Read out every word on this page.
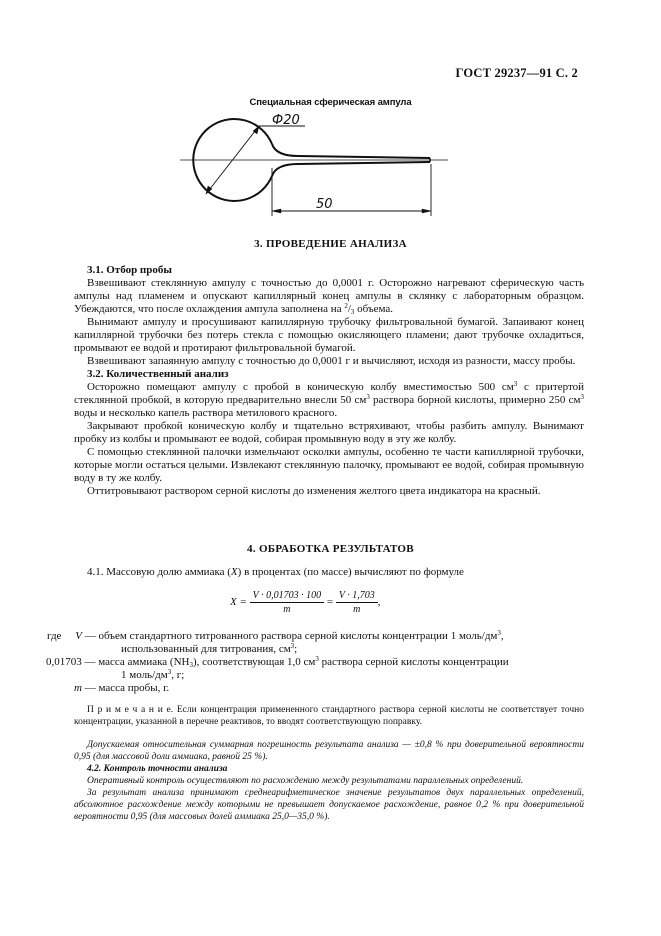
ГОСТ 29237—91 С. 2
Специальная сферическая ампула
Ф20
50
3. ПРОВЕДЕНИЕ АНАЛИЗА
3.1. Отбор пробы
Взвешивают стеклянную ампулу с точностью до 0,0001 г. Осторожно нагревают сферическую часть ампулы над пламенем и опускают капиллярный конец ампулы в склянку с лабораторным образцом. Убеждаются, что после охлаждения ампула заполнена на $^2/_3$ объема.
Вынимают ампулу и просушивают капиллярную трубочку фильтровальной бумагой. Запаивают конец капиллярной трубочки без потерь стекла с помощью окисляющего пламени; дают трубочке охладиться, промывают ее водой и протирают фильтровальной бумагой.
Взвешивают запаянную ампулу с точностью до 0,0001 г и вычисляют, исходя из разности, массу пробы.
3.2. Количественный анализ
Осторожно помещают ампулу с пробой в коническую колбу вместимостью 500 $см^3$ с притертой стеклянной пробкой, в которую предварительно внесли 50 $см^3$ раствора борной кислоты, примерно 250 $см^3$ воды и несколько капель раствора метилового красного.
Закрывают пробкой коническую колбу и тщательно встряхивают, чтобы разбить ампулу. Вынимают пробку из колбы и промывают ее водой, собирая промывную воду в эту же колбу.
С помощью стеклянной палочки измельчают осколки ампулы, особенно те части капиллярной трубочки, которые могли остаться целыми. Извлекают стеклянную палочку, промывают ее водой, собирая промывную воду в ту же колбу.
Оттитровывают раствором серной кислоты до изменения желтого цвета индикатора на красный.
4. ОБРАБОТКА РЕЗУЛЬТАТОВ
4.1. Массовую долю аммиака (X) в процентах (по массе) вычисляют по формуле
$X = \frac{V \cdot 0,01703 \cdot 100}{m} = \frac{V \cdot 1,703}{m}$ ,
где V — объем стандартного титрованного раствора серной кислоты концентрации 1 моль/$дм^3$,
использованный для титрования, $см^3$;
0,01703 — масса аммиака $(NH_3)$, соответствующая 1,0 $см^3$ раствора серной кислоты концентрации
1 моль/$дм^3$, г;
m — масса пробы, г.
П р и м е ч а н и е. Если концентрация примененного стандартного раствора серной кислоты не соответствует точно концентрации, указанной в перечне реактивов, то вводят соответствующую поправку.
Допускаемая относительная суммарная погрешность результата анализа — ±0,8 % при доверительной вероятности 0,95 (для массовой доли аммиака, равной 25 %).
4.2. Контроль точности анализа
Оперативный контроль осуществляют по расхождению между результатами параллельных определений.
За результат анализа принимают среднеарифметическое значение результатов двух параллельных определений, абсолютное расхождение между которыми не превышает допускаемое расхождение, равное 0,2 % при доверительной вероятности 0,95 (для массовых долей аммиака 25,0—35,0 %).
